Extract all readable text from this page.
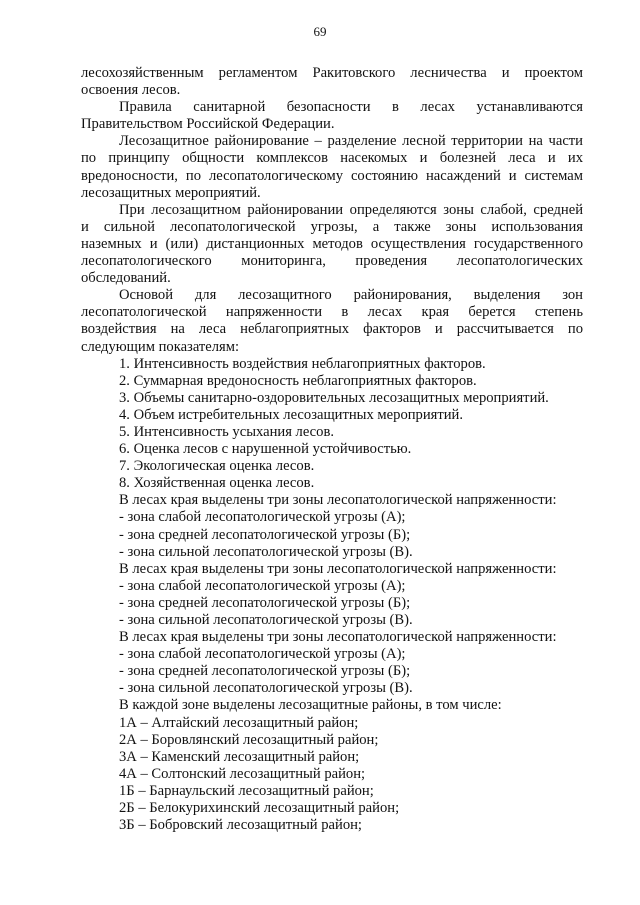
69
лесохозяйственным регламентом Ракитовского лесничества и проектом
освоения лесов.
Правила санитарной безопасности в лесах устанавливаются
Правительством Российской Федерации.
Лесозащитное районирование – разделение лесной территории на части
по принципу общности комплексов насекомых и болезней леса и их
вредоносности, по лесопатологическому состоянию насаждений и системам
лесозащитных мероприятий.
При лесозащитном районировании определяются зоны слабой, средней
и сильной лесопатологической угрозы, а также зоны использования
наземных и (или) дистанционных методов осуществления государственного
лесопатологического мониторинга, проведения лесопатологических
обследований.
Основой для лесозащитного районирования, выделения зон
лесопатологической напряженности в лесах края берется степень
воздействия на леса неблагоприятных факторов и рассчитывается по
следующим показателям:
1. Интенсивность воздействия неблагоприятных факторов.
2. Суммарная вредоносность неблагоприятных факторов.
3. Объемы санитарно-оздоровительных лесозащитных мероприятий.
4. Объем истребительных лесозащитных мероприятий.
5. Интенсивность усыхания лесов.
6. Оценка лесов с нарушенной устойчивостью.
7. Экологическая оценка лесов.
8. Хозяйственная оценка лесов.
В лесах края выделены три зоны лесопатологической напряженности:
- зона слабой лесопатологической угрозы (А);
- зона средней лесопатологической угрозы (Б);
- зона сильной лесопатологической угрозы (В).
В лесах края выделены три зоны лесопатологической напряженности:
- зона слабой лесопатологической угрозы (А);
- зона средней лесопатологической угрозы (Б);
- зона сильной лесопатологической угрозы (В).
В лесах края выделены три зоны лесопатологической напряженности:
- зона слабой лесопатологической угрозы (А);
- зона средней лесопатологической угрозы (Б);
- зона сильной лесопатологической угрозы (В).
В каждой зоне выделены лесозащитные районы, в том числе:
1А – Алтайский лесозащитный район;
2А – Боровлянский лесозащитный район;
3А – Каменский лесозащитный район;
4А – Солтонский лесозащитный район;
1Б – Барнаульский лесозащитный район;
2Б – Белокурихинский лесозащитный район;
3Б – Бобровский лесозащитный район;
